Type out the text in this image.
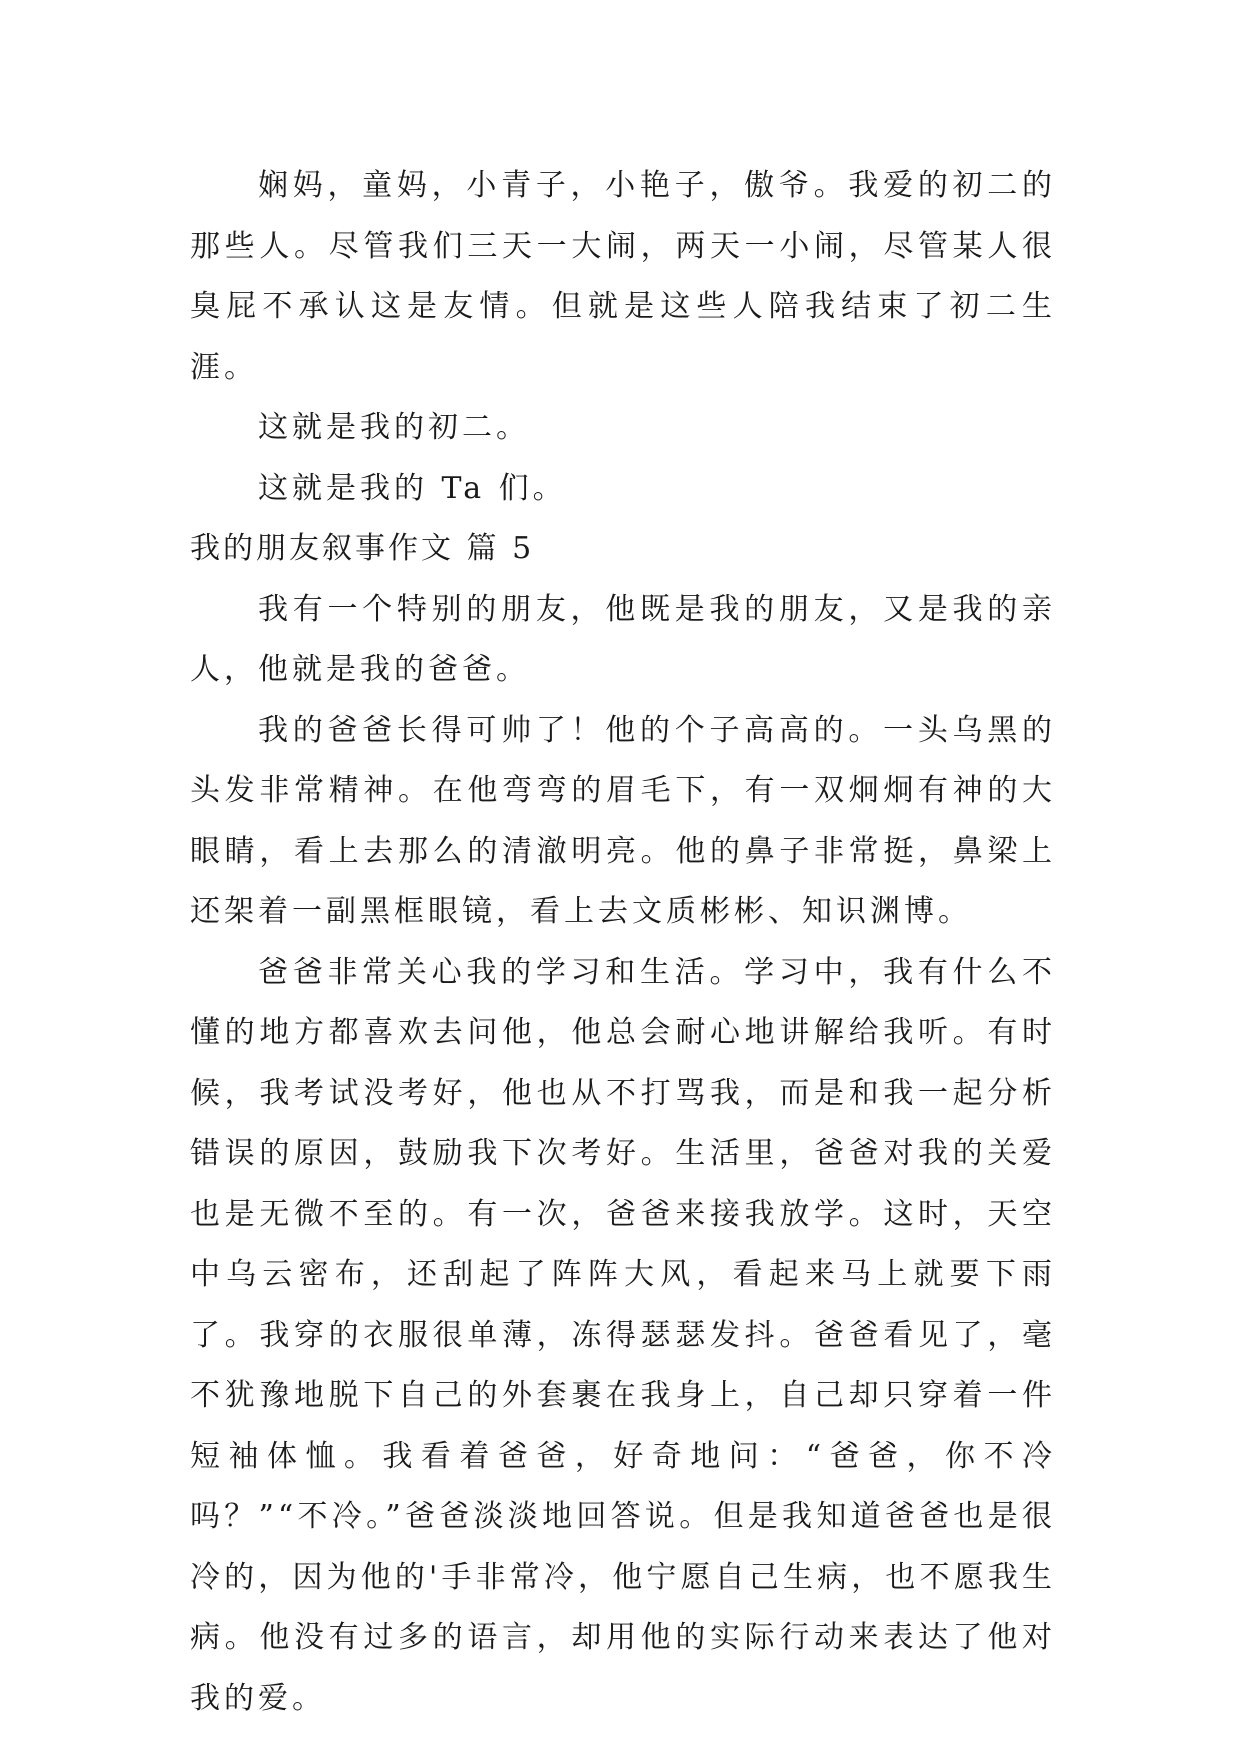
娴妈，童妈，小青子，小艳子，傲爷。我爱的初二的那些人。尽管我们三天一大闹，两天一小闹，尽管某人很臭屁不承认这是友情。但就是这些人陪我结束了初二生涯。

这就是我的初二。

这就是我的 Ta 们。

我的朋友叙事作文 篇 5

我有一个特别的朋友，他既是我的朋友，又是我的亲人，他就是我的爸爸。

我的爸爸长得可帅了！他的个子高高的。一头乌黑的头发非常精神。在他弯弯的眉毛下，有一双炯炯有神的大眼睛，看上去那么的清澈明亮。他的鼻子非常挺，鼻梁上还架着一副黑框眼镜，看上去文质彬彬、知识渊博。

爸爸非常关心我的学习和生活。学习中，我有什么不懂的地方都喜欢去问他，他总会耐心地讲解给我听。有时候，我考试没考好，他也从不打骂我，而是和我一起分析错误的原因，鼓励我下次考好。生活里，爸爸对我的关爱也是无微不至的。有一次，爸爸来接我放学。这时，天空中乌云密布，还刮起了阵阵大风，看起来马上就要下雨了。我穿的衣服很单薄，冻得瑟瑟发抖。爸爸看见了，毫不犹豫地脱下自己的外套裹在我身上，自己却只穿着一件短袖体恤。我看着爸爸，好奇地问：“爸爸，你不冷吗？”“不冷。”爸爸淡淡地回答说。但是我知道爸爸也是很冷的，因为他的'手非常冷，他宁愿自己生病，也不愿我生病。他没有过多的语言，却用他的实际行动来表达了他对我的爱。
